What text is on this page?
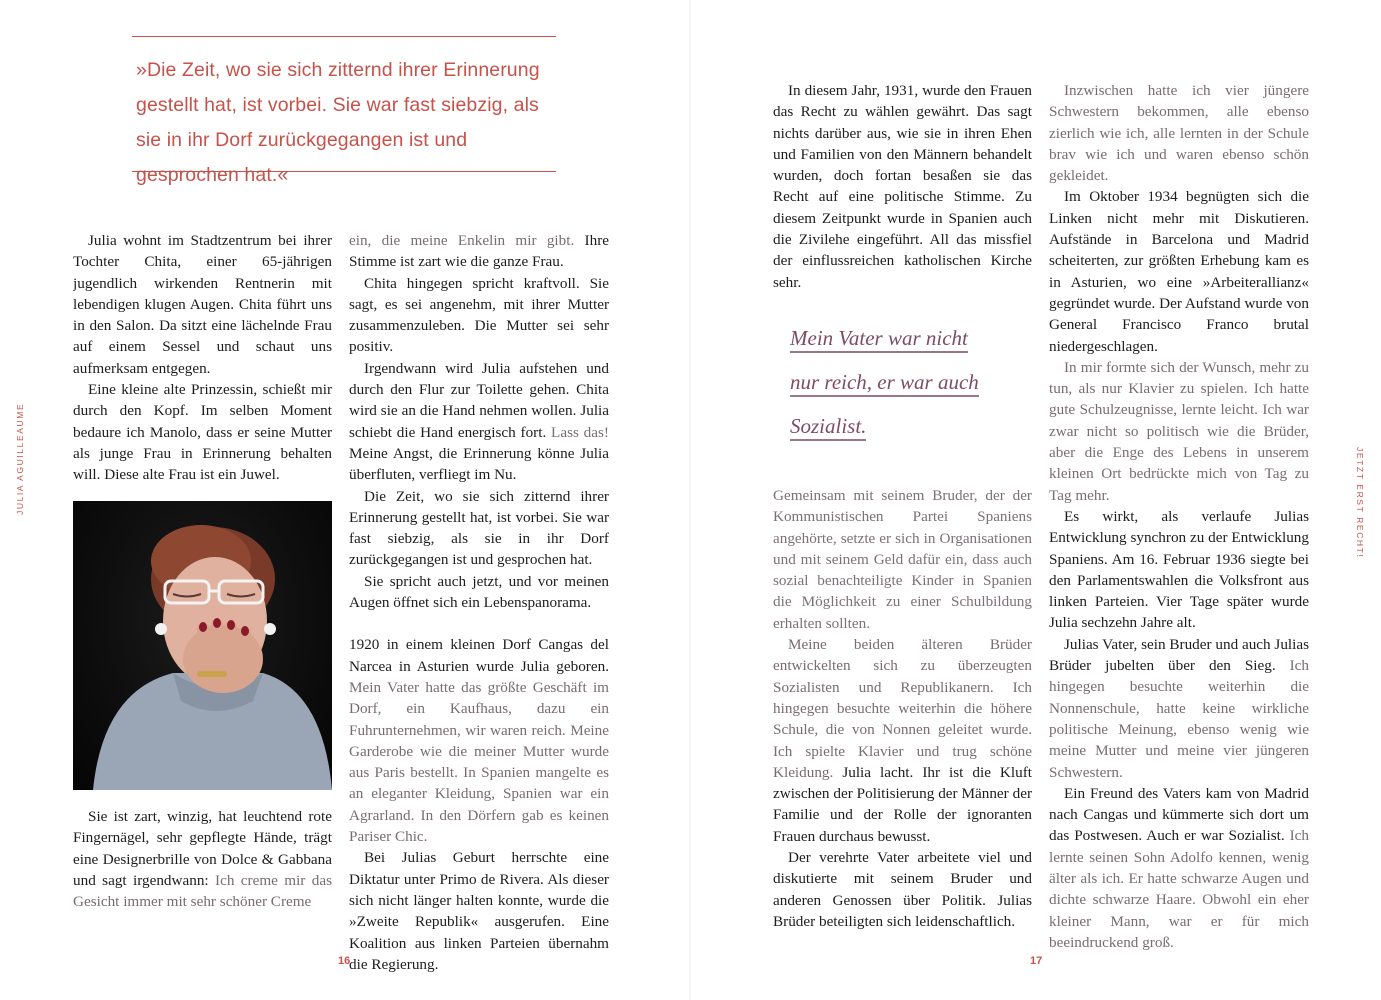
»Die Zeit, wo sie sich zitternd ihrer Erinnerung gestellt hat, ist vorbei. Sie war fast siebzig, als sie in ihr Dorf zurückgegangen ist und gesprochen hat.«

Julia wohnt im Stadtzentrum bei ihrer Tochter Chita, einer 65-jährigen jugendlich wirkenden Rentnerin mit lebendigen klugen Augen. Chita führt uns in den Salon. Da sitzt eine lächelnde Frau auf einem Sessel und schaut uns aufmerksam entgegen.

Eine kleine alte Prinzessin, schießt mir durch den Kopf. Im selben Moment bedaure ich Manolo, dass er seine Mutter als junge Frau in Erinnerung behalten will. Diese alte Frau ist ein Juwel.

Sie ist zart, winzig, hat leuchtend rote Fingernägel, sehr gepflegte Hände, trägt eine Designerbrille von Dolce & Gabbana und sagt irgendwann: Ich creme mir das Gesicht immer mit sehr schöner Creme

ein, die meine Enkelin mir gibt. Ihre Stimme ist zart wie die ganze Frau.

Chita hingegen spricht kraftvoll. Sie sagt, es sei angenehm, mit ihrer Mutter zusammenzuleben. Die Mutter sei sehr positiv.

Irgendwann wird Julia aufstehen und durch den Flur zur Toilette gehen. Chita wird sie an die Hand nehmen wollen. Julia schiebt die Hand energisch fort. Lass das! Meine Angst, die Erinnerung könne Julia überfluten, verfliegt im Nu.

Die Zeit, wo sie sich zitternd ihrer Erinnerung gestellt hat, ist vorbei. Sie war fast siebzig, als sie in ihr Dorf zurückgegangen ist und gesprochen hat.

Sie spricht auch jetzt, und vor meinen Augen öffnet sich ein Lebenspanorama.

1920 in einem kleinen Dorf Cangas del Narcea in Asturien wurde Julia geboren. Mein Vater hatte das größte Geschäft im Dorf, ein Kaufhaus, dazu ein Fuhrunternehmen, wir waren reich. Meine Garderobe wie die meiner Mutter wurde aus Paris bestellt. In Spanien mangelte es an eleganter Kleidung, Spanien war ein Agrarland. In den Dörfern gab es keinen Pariser Chic.

Bei Julias Geburt herrschte eine Diktatur unter Primo de Rivera. Als dieser sich nicht länger halten konnte, wurde die »Zweite Republik« ausgerufen. Eine Koalition aus linken Parteien übernahm die Regierung.

JULIA AGUILLEAUME
16

In diesem Jahr, 1931, wurde den Frauen das Recht zu wählen gewährt. Das sagt nichts darüber aus, wie sie in ihren Ehen und Familien von den Männern behandelt wurden, doch fortan besaßen sie das Recht auf eine politische Stimme. Zu diesem Zeitpunkt wurde in Spanien auch die Zivilehe eingeführt. All das missfiel der einflussreichen katholischen Kirche sehr.

Mein Vater war nicht
nur reich, er war auch
Sozialist.

Gemeinsam mit seinem Bruder, der der Kommunistischen Partei Spaniens angehörte, setzte er sich in Organisationen und mit seinem Geld dafür ein, dass auch sozial benachteiligte Kinder in Spanien die Möglichkeit zu einer Schulbildung erhalten sollten.

Meine beiden älteren Brüder entwickelten sich zu überzeugten Sozialisten und Republikanern. Ich hingegen besuchte weiterhin die höhere Schule, die von Nonnen geleitet wurde. Ich spielte Klavier und trug schöne Kleidung. Julia lacht. Ihr ist die Kluft zwischen der Politisierung der Männer der Familie und der Rolle der ignoranten Frauen durchaus bewusst.

Der verehrte Vater arbeitete viel und diskutierte mit seinem Bruder und anderen Genossen über Politik. Julias Brüder beteiligten sich leidenschaftlich.

Inzwischen hatte ich vier jüngere Schwestern bekommen, alle ebenso zierlich wie ich, alle lernten in der Schule brav wie ich und waren ebenso schön gekleidet.

Im Oktober 1934 begnügten sich die Linken nicht mehr mit Diskutieren. Aufstände in Barcelona und Madrid scheiterten, zur größten Erhebung kam es in Asturien, wo eine »Arbeiterallianz« gegründet wurde. Der Aufstand wurde von General Francisco Franco brutal niedergeschlagen.

In mir formte sich der Wunsch, mehr zu tun, als nur Klavier zu spielen. Ich hatte gute Schulzeugnisse, lernte leicht. Ich war zwar nicht so politisch wie die Brüder, aber die Enge des Lebens in unserem kleinen Ort bedrückte mich von Tag zu Tag mehr.

Es wirkt, als verlaufe Julias Entwicklung synchron zu der Entwicklung Spaniens. Am 16. Februar 1936 siegte bei den Parlamentswahlen die Volksfront aus linken Parteien. Vier Tage später wurde Julia sechzehn Jahre alt.

Julias Vater, sein Bruder und auch Julias Brüder jubelten über den Sieg. Ich hingegen besuchte weiterhin die Nonnenschule, hatte keine wirkliche politische Meinung, ebenso wenig wie meine Mutter und meine vier jüngeren Schwestern.

Ein Freund des Vaters kam von Madrid nach Cangas und kümmerte sich dort um das Postwesen. Auch er war Sozialist. Ich lernte seinen Sohn Adolfo kennen, wenig älter als ich. Er hatte schwarze Augen und dichte schwarze Haare. Obwohl ein eher kleiner Mann, war er für mich beeindruckend groß.

JETZT ERST RECHT!
17
